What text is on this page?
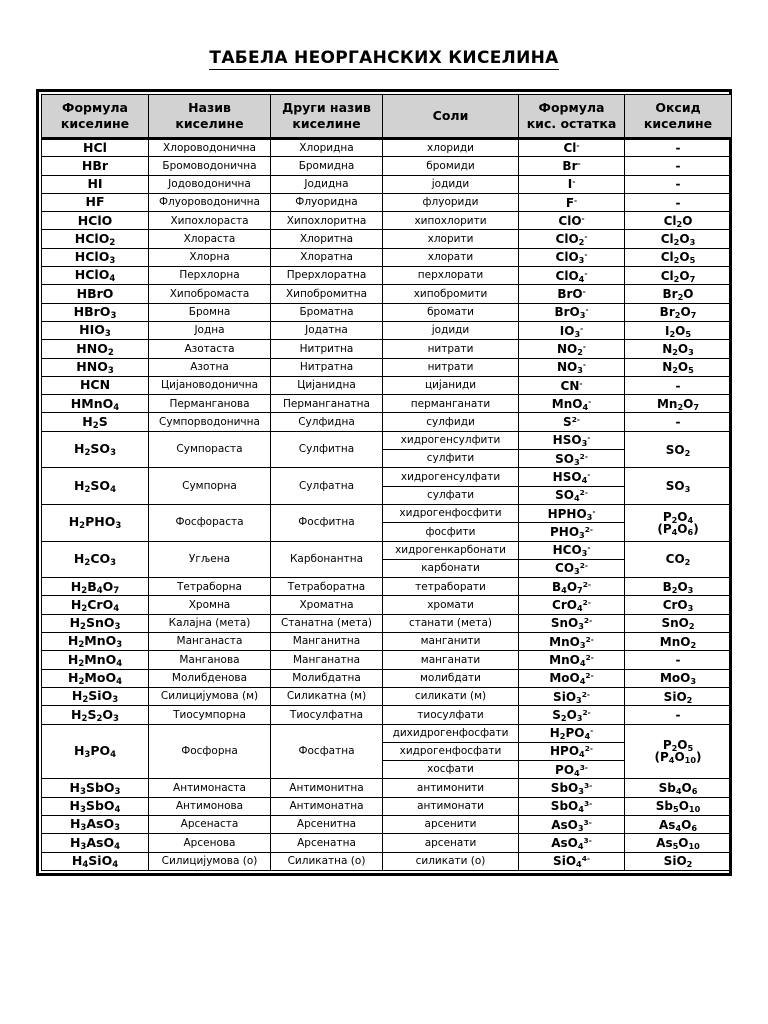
ТАБЕЛА НЕОРГАНСКИХ КИСЕЛИНА
Формула киселине	Назив киселине	Други назив киселине	Соли	Формула кис. остатка	Оксид киселине
HCl	Хлороводонична	Хлоридна	хлориди	Cl-	-
HBr	Бромоводонична	Бромидна	бромиди	Br-	-
HI	Јодоводонична	Јодидна	јодиди	I-	-
HF	Флуороводонична	Флуоридна	флуориди	F-	-
HClO	Хипохлораста	Хипохлоритна	хипохлорити	ClO-	$Cl_2O$
HClO$_2$	Хлораста	Хлоритна	хлорити	ClO$_2$-	$Cl_2O_3$
HClO$_3$	Хлорна	Хлоратна	хлорати	ClO$_3$-	$Cl_2O_5$
HClO$_4$	Перхлорна	Прерхлоратна	перхлорати	ClO$_4$-	$Cl_2O_7$
HBrO	Хипобромаста	Хипобромитна	хипобромити	BrO-	$Br_2O$
HBrO$_3$	Бромна	Броматна	бромати	BrO$_3$-	$Br_2O_7$
$HIO_3$	Јодна	Јодатна	јодиди	$IO_3^-$	$I_2O_5$
$HNO_2$	Азотаста	Нитритна	нитрати	$NO_2^-$	$N_2O_3$
$HNO_3$	Азотна	Нитратна	нитрати	$NO_3^-$	$N_2O_5$
HCN	Цијановодонична	Цијанидна	цијаниди	CN-	-
HMnO$_4$	Перманганова	Перманганатна	перманганати	MnO$_4$-	$Mn_2O_7$
$H_2S$	Сумпорводонична	Сулфидна	сулфиди	$S^{2-}$	-
$H_2SO_3$	Сумпораста	Сулфитна	хидрогенсулфити	$HSO_3^-$	$SO_2$
			сулфити	$SO_3^{2-}$
$H_2SO_4$	Сумпорна	Сулфатна	хидрогенсулфати	$HSO_4^-$	$SO_3$
			сулфати	$SO_4^{2-}$
$H_2PHO_3$	Фосфораста	Фосфитна	хидрогенфосфити	$HPHO_3^-$	$P_2O_4$
$(P_4O_6)$
			фосфити	$PHO_3^{2-}$
$H_2CO_3$	Угљена	Карбонантна	хидрогенкарбонати	$HCO_3^-$	$CO_2$
			карбонати	$CO_3^{2-}$
$H_2B_4O_7$	Тетраборна	Тетраборатна	тетраборати	$B_4O_7^{2-}$	$B_2O_3$
$H_2CrO_4$	Хромна	Хроматна	хромати	CrO$_4^{2-}$	CrO$_3$
$H_2SnO_3$	Калајна (мета)	Станатна (мета)	станати (мета)	SnO$_3^{2-}$	SnO$_2$
$H_2MnO_3$	Манганаста	Манганитна	манганити	MnO$_3^{2-}$	MnO$_2$
$H_2MnO_4$	Манганова	Манганатна	манганати	MnO$_4^{2-}$	-
$H_2MoO_4$	Молибденова	Молибдатна	молибдати	MoO$_4^{2-}$	MoO$_3$
$H_2SiO_3$	Силицијумова (м)	Силикатна (м)	силикати (м)	SiO$_3^{2-}$	SiO$_2$
$H_2S_2O_3$	Тиосумпорна	Тиосулфатна	тиосулфати	$S_2O_3^{2-}$	-
$H_3PO_4$	Фосфорна	Фосфатна	дихидрогенфосфати	$H_2PO_4^-$	$P_2O_5$
$(P_4O_{10})$
			хидрогенфосфати	$HPO_4^{2-}$
			хосфати	$PO_4^{3-}$
$H_3SbO_3$	Антимонаста	Антимонитна	антимонити	SbO$_3^{3-}$	$Sb_4O_6$
$H_3SbO_4$	Антимонова	Антимонатна	антимонати	SbO$_4^{3-}$	$Sb_5O_{10}$
$H_3AsO_3$	Арсенаста	Арсенитна	арсенити	AsO$_3^{3-}$	$As_4O_6$
$H_3AsO_4$	Арсенова	Арсенатна	арсенати	AsO$_4^{3-}$	$As_5O_{10}$
$H_4SiO_4$	Силицијумова (о)	Силикатна (о)	силикати (о)	SiO$_4^{4-}$	SiO$_2$
